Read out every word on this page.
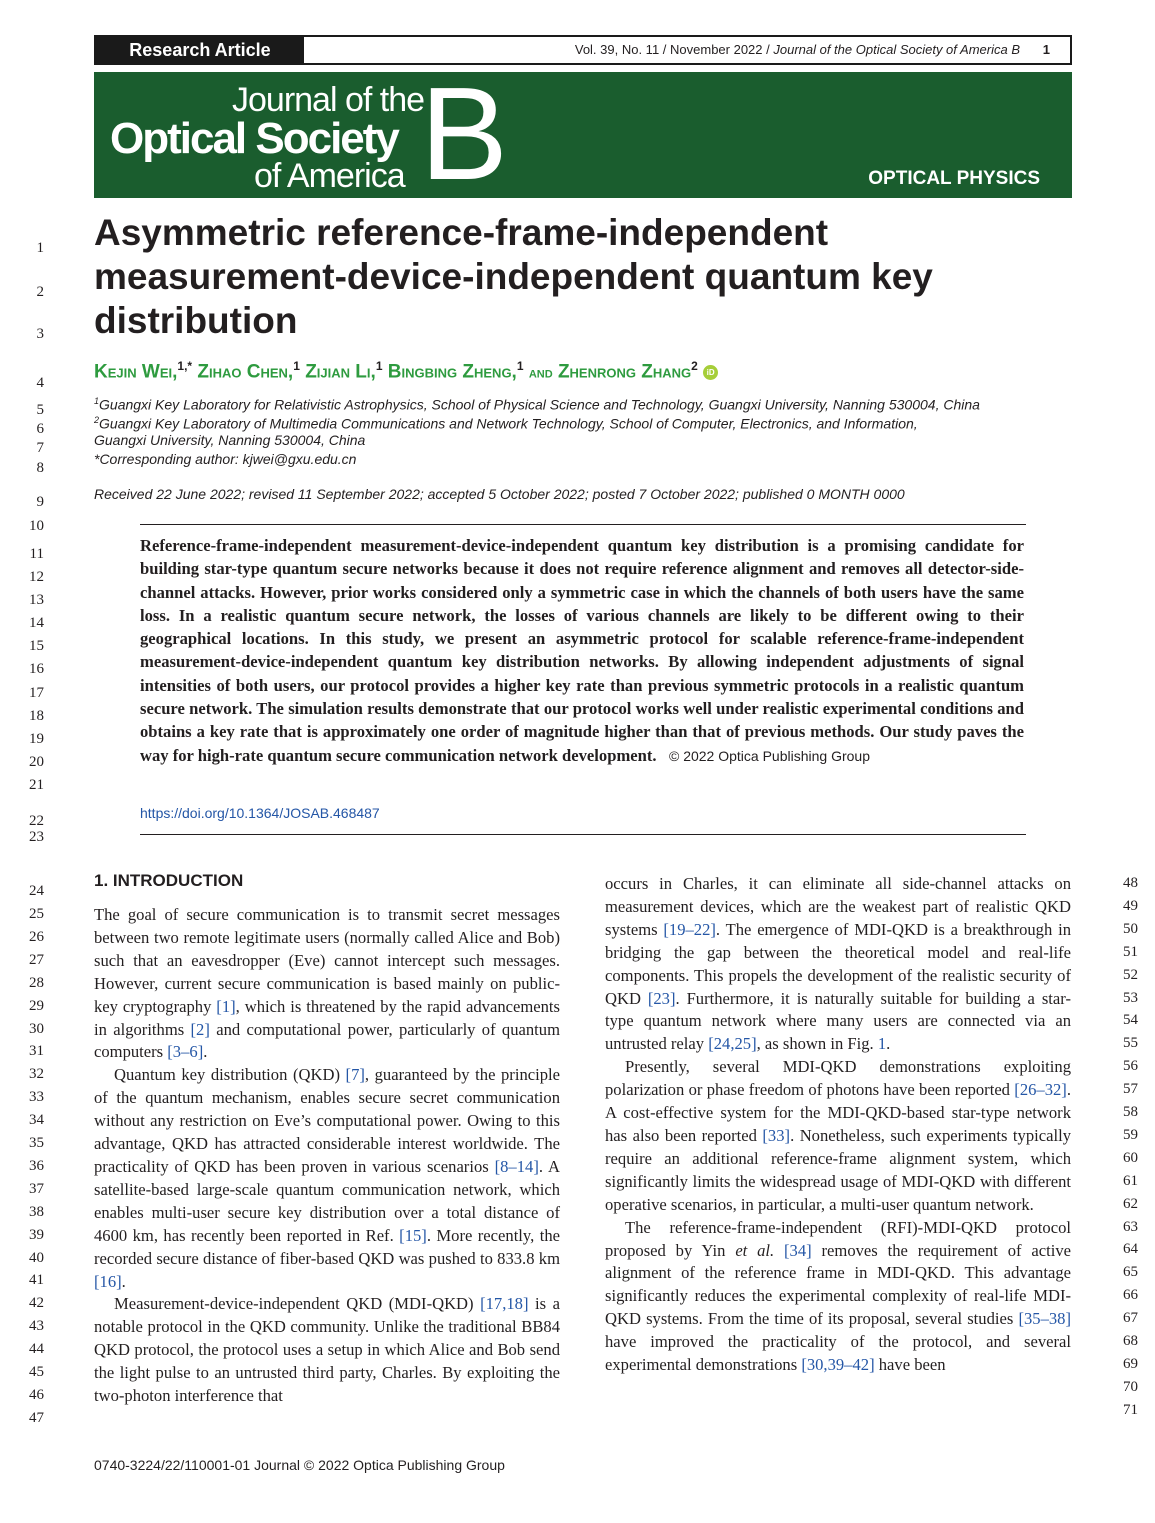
Research Article	Vol. 39, No. 11 / November 2022 / Journal of the Optical Society of America B 1
Journal of the
Optical Society
of America B	OPTICAL PHYSICS
Asymmetric reference-frame-independent
measurement-device-independent quantum key
distribution
Kejin Wei,$^{1,*}$ Zihao Chen,$^1$ Zijian Li,$^1$ Bingbing Zheng,$^1$ and Zhenrong Zhang$^2$ iD
$^1$Guangxi Key Laboratory for Relativistic Astrophysics, School of Physical Science and Technology, Guangxi University, Nanning 530004, China
$^2$Guangxi Key Laboratory of Multimedia Communications and Network Technology, School of Computer, Electronics, and Information,
Guangxi University, Nanning 530004, China
*Corresponding author: kjwei@gxu.edu.cn
Received 22 June 2022; revised 11 September 2022; accepted 5 October 2022; posted 7 October 2022; published 0 MONTH 0000
Reference-frame-independent measurement-device-independent quantum key distribution is a promising candidate for building star-type quantum secure networks because it does not require reference alignment and removes all detector-side-channel attacks. However, prior works considered only a symmetric case in which the channels of both users have the same loss. In a realistic quantum secure network, the losses of various channels are likely to be different owing to their geographical locations. In this study, we present an asymmetric protocol for scalable reference-frame-independent measurement-device-independent quantum key distribution networks. By allowing independent adjustments of signal intensities of both users, our protocol provides a higher key rate than previous symmetric protocols in a realistic quantum secure network. The simulation results demonstrate that our protocol works well under realistic experimental conditions and obtains a key rate that is approximately one order of magnitude higher than that of previous methods. Our study paves the way for high-rate quantum secure communication network development. © 2022 Optica Publishing Group
https://doi.org/10.1364/JOSAB.468487
1. INTRODUCTION

The goal of secure communication is to transmit secret messages between two remote legitimate users (normally called Alice and Bob) such that an eavesdropper (Eve) cannot intercept such messages. However, current secure communication is based mainly on public-key cryptography [1], which is threatened by the rapid advancements in algorithms [2] and computational power, particularly of quantum computers [3–6].

Quantum key distribution (QKD) [7], guaranteed by the principle of the quantum mechanism, enables secure secret communication without any restriction on Eve’s computational power. Owing to this advantage, QKD has attracted considerable interest worldwide. The practicality of QKD has been proven in various scenarios [8–14]. A satellite-based large-scale quantum communication network, which enables multi-user secure key distribution over a total distance of 4600 km, has recently been reported in Ref. [15]. More recently, the recorded secure distance of fiber-based QKD was pushed to 833.8 km [16].

Measurement-device-independent QKD (MDI-QKD) [17,18] is a notable protocol in the QKD community. Unlike the traditional BB84 QKD protocol, the protocol uses a setup in which Alice and Bob send the light pulse to an untrusted third party, Charles. By exploiting the two-photon interference that

occurs in Charles, it can eliminate all side-channel attacks on measurement devices, which are the weakest part of realistic QKD systems [19–22]. The emergence of MDI-QKD is a breakthrough in bridging the gap between the theoretical model and real-life components. This propels the development of the realistic security of QKD [23]. Furthermore, it is naturally suitable for building a star-type quantum network where many users are connected via an untrusted relay [24,25], as shown in Fig. 1.

Presently, several MDI-QKD demonstrations exploiting polarization or phase freedom of photons have been reported [26–32]. A cost-effective system for the MDI-QKD-based star-type network has also been reported [33]. Nonetheless, such experiments typically require an additional reference-frame alignment system, which significantly limits the widespread usage of MDI-QKD with different operative scenarios, in particular, a multi-user quantum network.

The reference-frame-independent (RFI)-MDI-QKD protocol proposed by Yin et al. [34] removes the requirement of active alignment of the reference frame in MDI-QKD. This advantage significantly reduces the experimental complexity of real-life MDI-QKD systems. From the time of its proposal, several studies [35–38] have improved the practicality of the protocol, and several experimental demonstrations [30,39–42] have been

0740-3224/22/110001-01 Journal © 2022 Optica Publishing Group
1
2
3
4
5
6
7
8
9
10
11
12
13
14
15
16
17
18
19
20
21
22
23
24
25
26
27
28
29
30
31
32
33
34
35
36
37
38
39
40
41
42
43
44
45
46
47
48
49
50
51
52
53
54
55
56
57
58
59
60
61
62
63
64
65
66
67
68
69
70
71
